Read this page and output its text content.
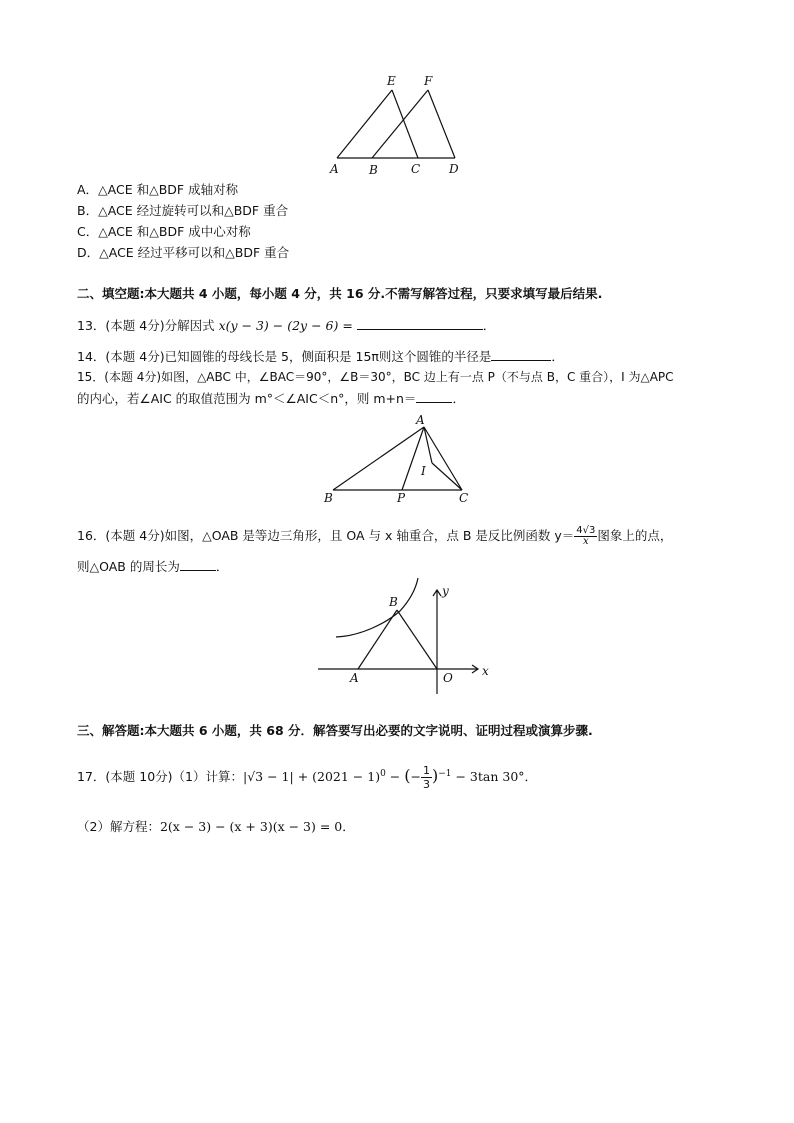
E F
A	B	C D
A．△ACE 和△BDF 成轴对称
B．△ACE 经过旋转可以和△BDF 重合
C．△ACE 和△BDF 成中心对称
D．△ACE 经过平移可以和△BDF 重合
二、填空题:本大题共 4 小题，每小题 4 分，共 16 分.不需写解答过程，只要求填写最后结果.
13．(本题 4分)分解因式 x(y − 3) − (2y − 6) =	．
14．(本题 4分)已知圆锥的母线长是 5，侧面积是 15π则这个圆锥的半径是	．
15．(本题 4分)如图，△ABC 中，∠BAC＝90°，∠B＝30°，BC 边上有一点 P（不与点 B，C 重合），I 为△APC
的内心，若∠AIC 的取值范围为 m°＜∠AIC＜n°，则 m+n＝	．
A
I
B	P	C
16．(本题 4分)如图，△OAB 是等边三角形，且 OA 与 x 轴重合，点 B 是反比例函数 $y= \frac{4√3}{x}$ 图象上的点，
则△OAB 的周长为	．
y
B
x
A	O
三、解答题:本大题共 6 小题，共 68 分．解答要写出必要的文字说明、证明过程或演算步骤.
17．(本题 10分)（1）计算：$|√3 - 1| + (2021 - 1)^0$ − (− $\frac{1}{3} )^{-1} - 3\tan$ 30°．
（2）解方程：2(x − 3) − (x + 3)(x − 3) = 0．
